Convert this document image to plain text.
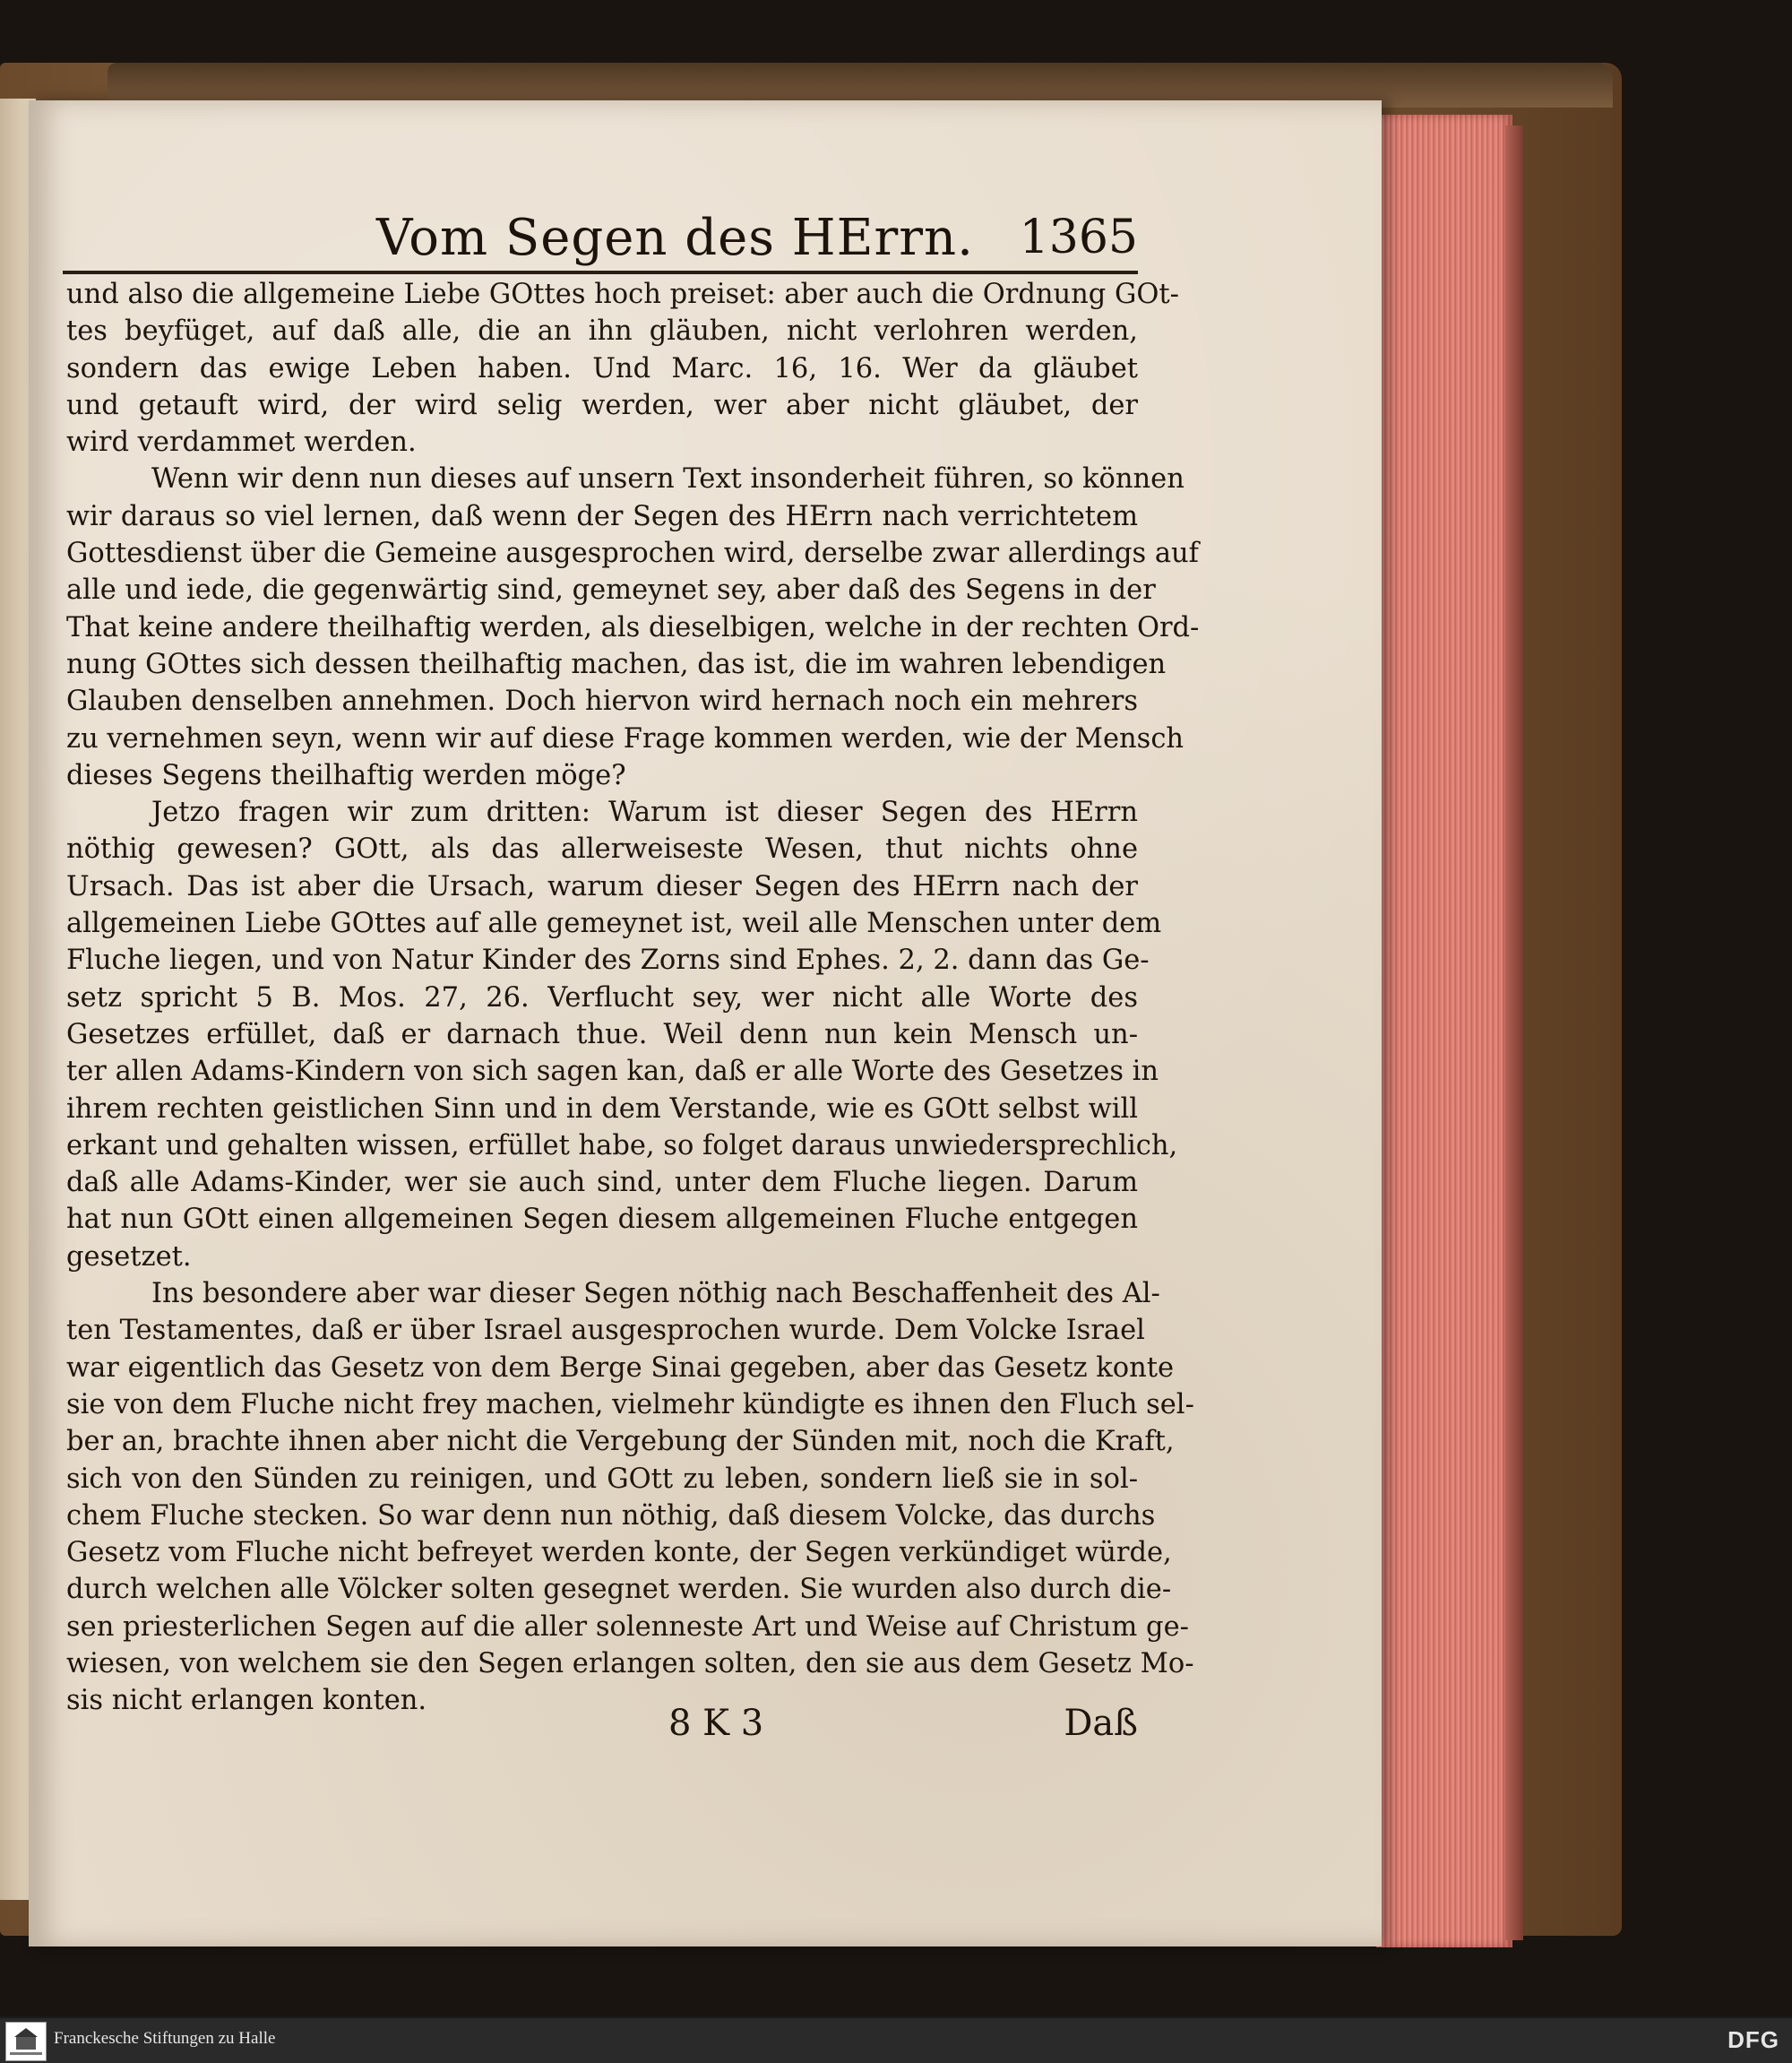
Vom Segen des HErrn. 1365
und also die allgemeine Liebe GOttes hoch preiset: aber auch die Ordnung GOt-
tes beyfüget, auf daß alle, die an ihn gläuben, nicht verlohren werden,
sondern das ewige Leben haben. Und Marc. 16, 16. Wer da gläubet
und getauft wird, der wird selig werden, wer aber nicht gläubet, der
wird verdammet werden.
Wenn wir denn nun dieses auf unsern Text insonderheit führen, so können
wir daraus so viel lernen, daß wenn der Segen des HErrn nach verrichtetem
Gottesdienst über die Gemeine ausgesprochen wird, derselbe zwar allerdings auf
alle und iede, die gegenwärtig sind, gemeynet sey, aber daß des Segens in der
That keine andere theilhaftig werden, als dieselbigen, welche in der rechten Ord-
nung GOttes sich dessen theilhaftig machen, das ist, die im wahren lebendigen
Glauben denselben annehmen. Doch hiervon wird hernach noch ein mehrers
zu vernehmen seyn, wenn wir auf diese Frage kommen werden, wie der Mensch
dieses Segens theilhaftig werden möge?
Jetzo fragen wir zum dritten: Warum ist dieser Segen des HErrn
nöthig gewesen? GOtt, als das allerweiseste Wesen, thut nichts ohne
Ursach. Das ist aber die Ursach, warum dieser Segen des HErrn nach der
allgemeinen Liebe GOttes auf alle gemeynet ist, weil alle Menschen unter dem
Fluche liegen, und von Natur Kinder des Zorns sind Ephes. 2, 2. dann das Ge-
setz spricht 5 B. Mos. 27, 26. Verflucht sey, wer nicht alle Worte des
Gesetzes erfüllet, daß er darnach thue. Weil denn nun kein Mensch un-
ter allen Adams-Kindern von sich sagen kan, daß er alle Worte des Gesetzes in
ihrem rechten geistlichen Sinn und in dem Verstande, wie es GOtt selbst will
erkant und gehalten wissen, erfüllet habe, so folget daraus unwiedersprechlich,
daß alle Adams-Kinder, wer sie auch sind, unter dem Fluche liegen. Darum
hat nun GOtt einen allgemeinen Segen diesem allgemeinen Fluche entgegen
gesetzet.
Ins besondere aber war dieser Segen nöthig nach Beschaffenheit des Al-
ten Testamentes, daß er über Israel ausgesprochen wurde. Dem Volcke Israel
war eigentlich das Gesetz von dem Berge Sinai gegeben, aber das Gesetz konte
sie von dem Fluche nicht frey machen, vielmehr kündigte es ihnen den Fluch sel-
ber an, brachte ihnen aber nicht die Vergebung der Sünden mit, noch die Kraft,
sich von den Sünden zu reinigen, und GOtt zu leben, sondern ließ sie in sol-
chem Fluche stecken. So war denn nun nöthig, daß diesem Volcke, das durchs
Gesetz vom Fluche nicht befreyet werden konte, der Segen verkündiget würde,
durch welchen alle Völcker solten gesegnet werden. Sie wurden also durch die-
sen priesterlichen Segen auf die aller solenneste Art und Weise auf Christum ge-
wiesen, von welchem sie den Segen erlangen solten, den sie aus dem Gesetz Mo-
sis nicht erlangen konten.
8 K 3	Daß
Franckesche Stiftungen zu Halle	DFG
